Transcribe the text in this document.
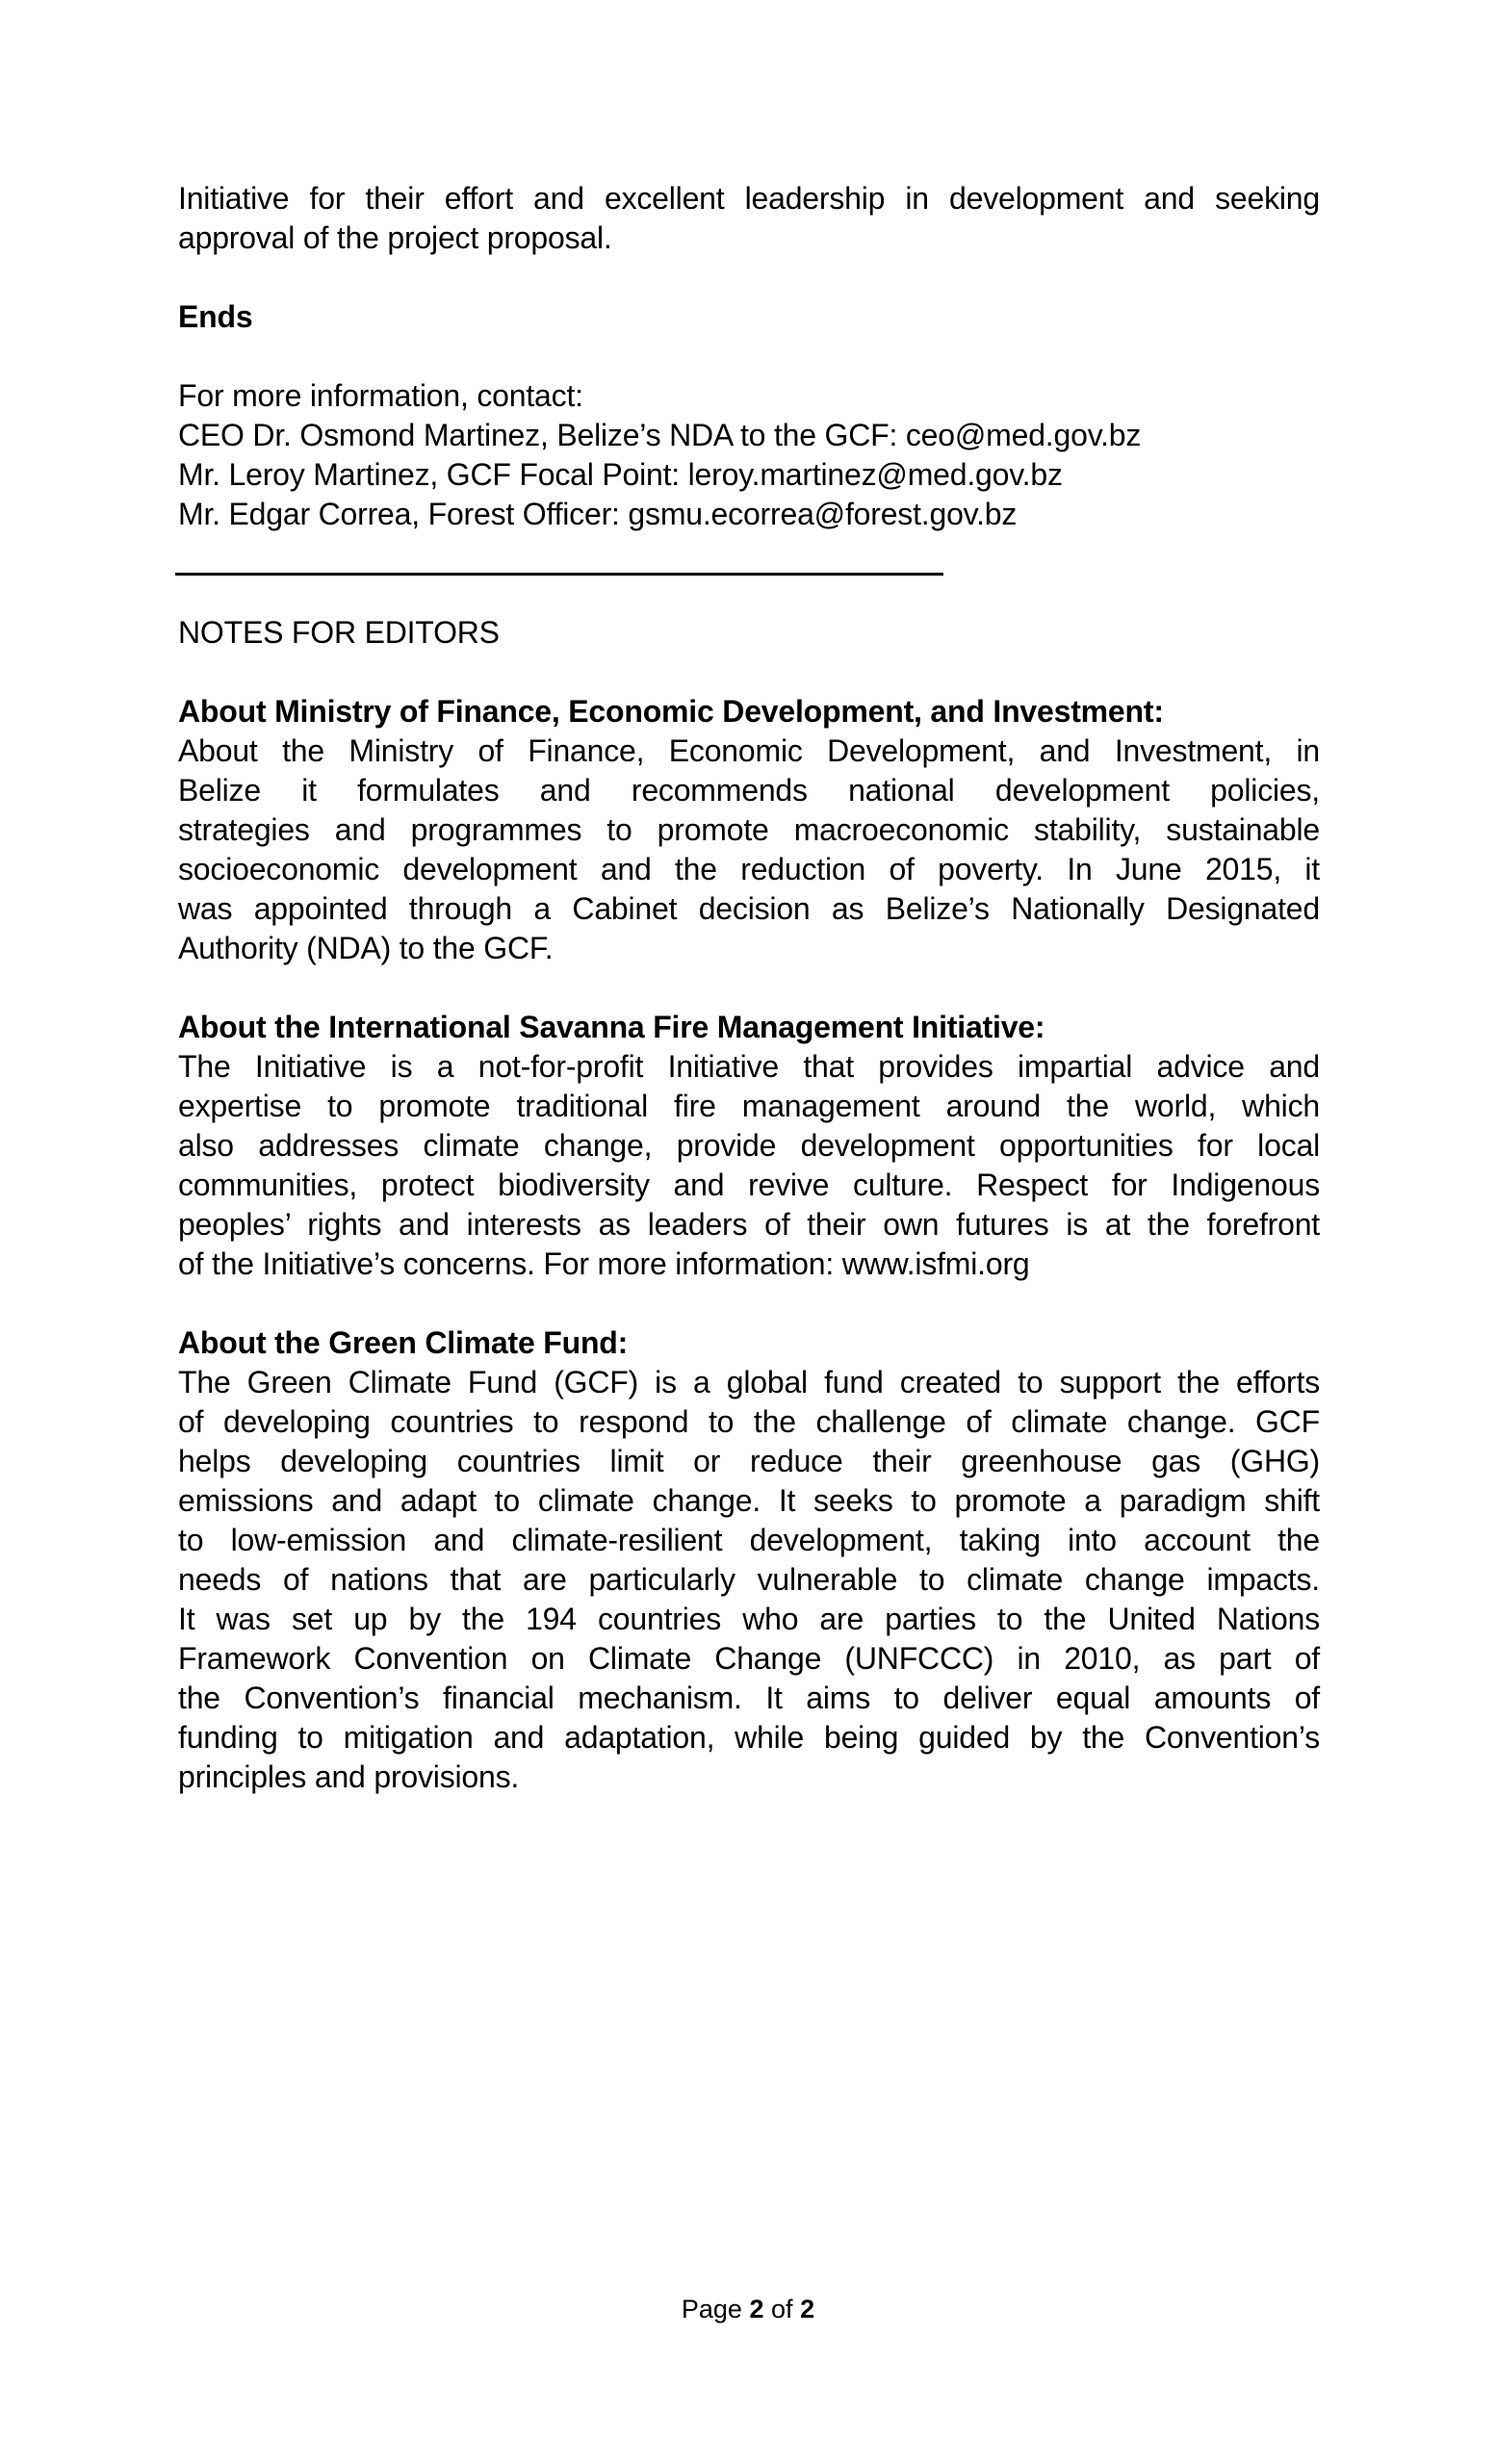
Initiative for their effort and excellent leadership in development and seeking
approval of the project proposal.
Ends
For more information, contact:
CEO Dr. Osmond Martinez, Belize’s NDA to the GCF: ceo@med.gov.bz
Mr. Leroy Martinez, GCF Focal Point: leroy.martinez@med.gov.bz
Mr. Edgar Correa, Forest Officer: gsmu.ecorrea@forest.gov.bz
NOTES FOR EDITORS
About Ministry of Finance, Economic Development, and Investment:
About the Ministry of Finance, Economic Development, and Investment, in
Belize it formulates and recommends national development policies,
strategies and programmes to promote macroeconomic stability, sustainable
socioeconomic development and the reduction of poverty. In June 2015, it
was appointed through a Cabinet decision as Belize’s Nationally Designated
Authority (NDA) to the GCF.
About the International Savanna Fire Management Initiative:
The Initiative is a not-for-profit Initiative that provides impartial advice and
expertise to promote traditional fire management around the world, which
also addresses climate change, provide development opportunities for local
communities, protect biodiversity and revive culture. Respect for Indigenous
peoples’ rights and interests as leaders of their own futures is at the forefront
of the Initiative’s concerns. For more information: www.isfmi.org
About the Green Climate Fund:
The Green Climate Fund (GCF) is a global fund created to support the efforts
of developing countries to respond to the challenge of climate change. GCF
helps developing countries limit or reduce their greenhouse gas (GHG)
emissions and adapt to climate change. It seeks to promote a paradigm shift
to low-emission and climate-resilient development, taking into account the
needs of nations that are particularly vulnerable to climate change impacts.
It was set up by the 194 countries who are parties to the United Nations
Framework Convention on Climate Change (UNFCCC) in 2010, as part of
the Convention’s financial mechanism. It aims to deliver equal amounts of
funding to mitigation and adaptation, while being guided by the Convention’s
principles and provisions.
Page 2 of 2
